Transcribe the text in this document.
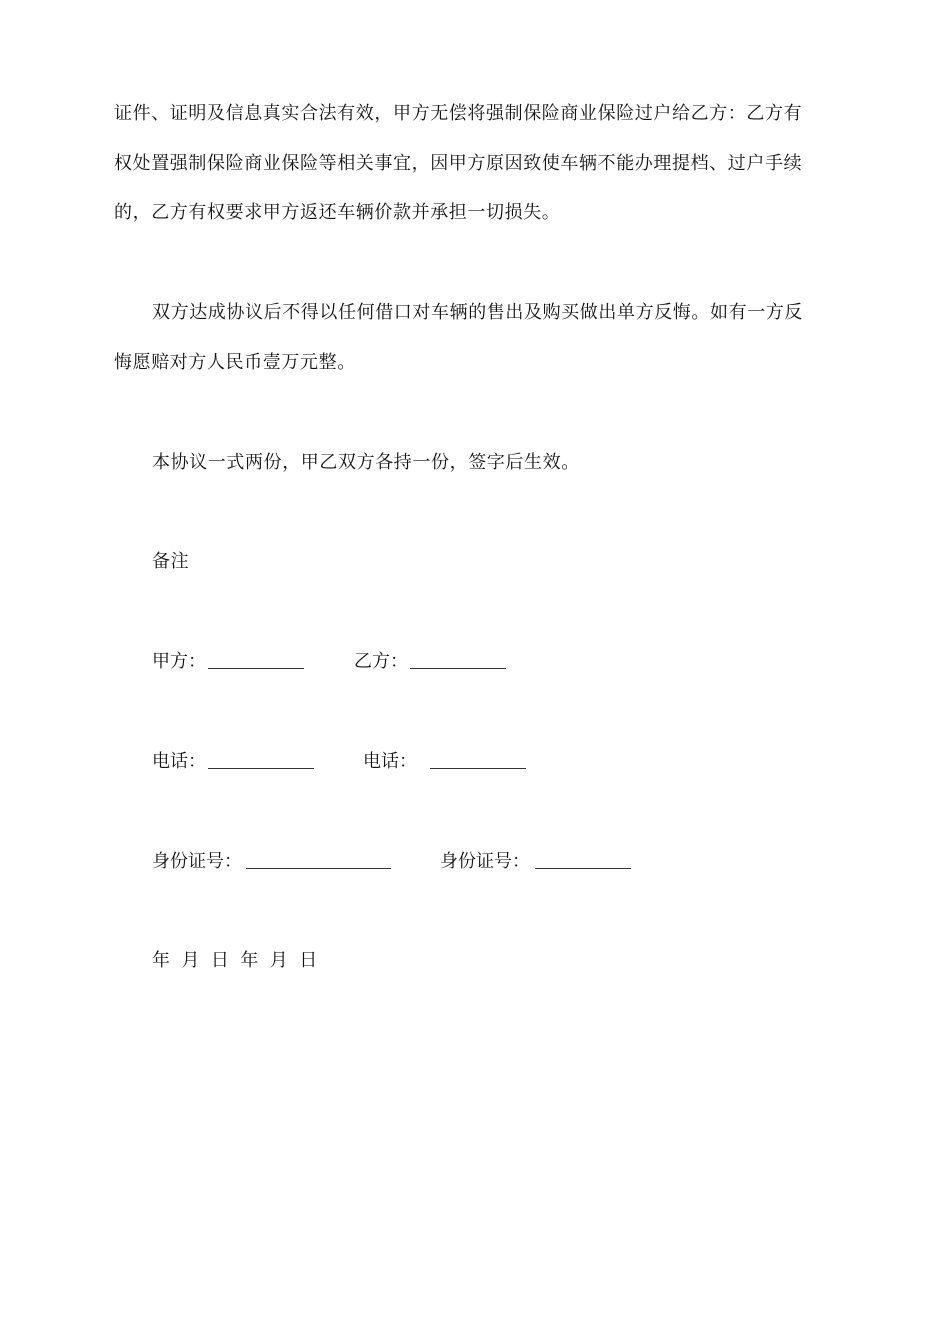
证件、证明及信息真实合法有效，甲方无偿将强制保险商业保险过户给乙方：乙方有
权处置强制保险商业保险等相关事宜，因甲方原因致使车辆不能办理提档、过户手续
的，乙方有权要求甲方返还车辆价款并承担一切损失。
双方达成协议后不得以任何借口对车辆的售出及购买做出单方反悔。如有一方反
悔愿赔对方人民币壹万元整。
本协议一式两份，甲乙双方各持一份，签字后生效。
备注
甲方：	乙方：
电话：	电话：
身份证号：	身份证号：
年  月  日  年  月  日
